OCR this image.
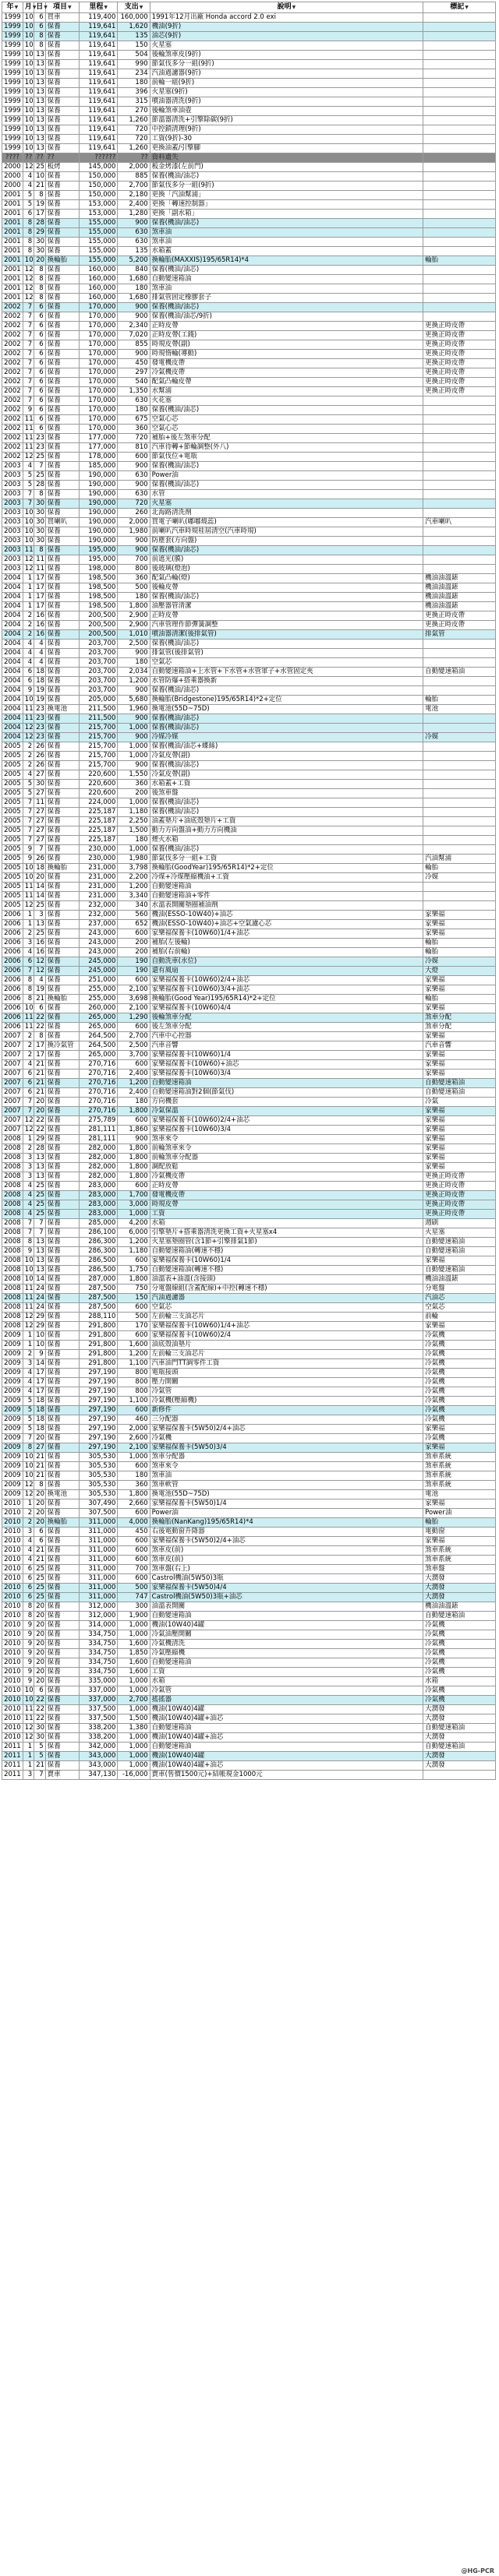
年▼	月▼	日▼	項目▼	里程▼	支出▼	說明▼	標記▼
1999	10	6	買車	119,400	160,000	1991年12月出廠 Honda accord 2.0 exi	
1999	10	6	保養	119,641	1,620	機油(9折)	
1999	10	8	保養	119,641	135	油芯(9折)	
1999	10	8	保養	119,641	150	火星塞	
1999	10	13	保養	119,641	504	後輪煞車皮(9折)	
1999	10	13	保養	119,641	990	節氣伐多分一組(9折)	
1999	10	13	保養	119,641	234	汽油過濾器(9折)	
1999	10	13	保養	119,641	180	前輪一組(9折)	
1999	10	13	保養	119,641	396	火星塞(9折)	
1999	10	13	保養	119,641	315	噴油器清洗(9折)	
1999	10	13	保養	119,641	270	後輪煞車油壺	
1999	10	13	保養	119,641	1,260	節溫器清洗+引擎除碳(9折)	
1999	10	13	保養	119,641	720	中控鎖清理(9折)	
1999	10	13	保養	119,641	720	工資(9折)-30	
1999	10	13	保養	119,641	1,260	更換油蓋/引擎腳	
????	??	??	??	??????	??	資料遺失	
2000	12	25	板烤	145,000	2,000	板金烤漆(左前門)	
2000	4	10	保養	150,000	885	保養(機油/油芯)	
2000	4	21	保養	150,000	2,700	節氣伐多分一組(9折)	
2001	5	8	保養	150,000	2,180	更換「汽油幫浦」	
2001	5	19	保養	153,000	2,400	更換「轉速控制器」	
2001	6	17	保養	153,000	1,280	更換「副水箱」	
2001	8	28	保養	155,000	900	保養(機油/油芯)	
2001	8	29	保養	155,000	630	煞車油	
2001	8	30	保養	155,000	630	煞車油	
2001	8	30	保養	155,000	135	水箱蓋	
2001	10	20	換輪胎	155,000	5,200	換輪胎(MAXXIS)195/65R14)*4	輪胎
2001	12	8	保養	160,000	840	保養(機油/油芯)	
2001	12	8	保養	160,000	1,680	自動變速箱油	
2001	12	8	保養	160,000	180	煞車油	
2001	12	8	保養	160,000	1,680	排氣管固定橡膠套子	
2002	7	6	保養	170,000	900	保養(機油/油芯)	
2002	7	6	保養	170,000	900	保養(機油/油芯/9折)	
2002	7	6	保養	170,000	2,340	正時皮帶	更換正時皮帶
2002	7	6	保養	170,000	7,020	正時皮帶(工錢)	更換正時皮帶
2002	7	6	保養	170,000	855	時規皮帶(副)	更換正時皮帶
2002	7	6	保養	170,000	900	時規惰輪(導動)	更換正時皮帶
2002	7	6	保養	170,000	450	發電機皮帶	更換正時皮帶
2002	7	6	保養	170,000	297	冷氣機皮帶	更換正時皮帶
2002	7	6	保養	170,000	540	配氣凸輪皮帶	更換正時皮帶
2002	7	6	保養	170,000	1,350	水幫浦	更換正時皮帶
2002	7	6	保養	170,000	630	火花塞	
2002	9	6	保養	170,000	180	保養(機油/油芯)	
2002	11	6	保養	170,000	675	空氣心芯	
2002	11	6	保養	170,000	360	空氣心芯	
2002	11	23	保養	177,000	720	補胎+後左煞車分配	
2002	11	23	保養	177,000	810	汽車待轉+節輪調整(外八)	
2002	12	25	保養	178,000	600	節氣伐位+電瓶	
2003	4	7	保養	185,000	900	保養(機油/油芯)	
2003	5	25	保養	190,000	630	Power油	
2003	5	28	保養	190,000	900	保養(機油/油芯)	
2003	7	8	保養	190,000	630	水管	
2003	7	30	保養	190,000	720	火星塞	
2003	10	30	保養	190,000	260	北海路清洗劑	
2003	10	30	買喇叭	190,000	2,000	買電子喇叭(嘟嘟燒蕊)	汽車喇叭
2003	10	30	保養	190,000	1,980	前喇叭汽車時規桂屆清空(汽車時規)	
2003	10	30	保養	190,000	900	防塵套(方向盤)	
2003	11	8	保養	195,000	900	保養(機油/油芯)	
2003	12	11	保養	195,000	700	前遮光(膜)	
2003	12	11	保養	198,000	800	後玻璃(燈泡)	
2004	1	17	保養	198,500	360	配氣凸輪(燈)	機油油溫錶
2004	1	17	保養	198,500	500	後輪皮帶	機油油溫錶
2004	1	17	保養	198,500	180	保養(機油/油芯)	機油油溫錶
2004	1	17	保養	198,500	1,800	油壓器管清潔	機油油溫錶
2004	2	16	保養	200,500	2,900	正時皮帶	更換正時皮帶
2004	2	16	保養	200,500	2,900	汽車管理作節彈簧調整	更換正時皮帶
2004	2	16	保養	200,500	1,010	噴油器清潔(後排氣管)	排氣管
2004	4	4	保養	203,700	2,500	保養(機油/油芯)	
2004	4	4	保養	203,700	900	排氣管(後排氣管)	
2004	4	4	保養	203,700	180	空氣芯	
2004	6	18	保養	203,700	2,034	自動變速箱油+上水管+下水管+水管軍子+水管固定夾	自動變速箱油
2004	6	18	保養	203,700	1,200	水管防爆+搭乘器換新	
2004	9	19	保養	203,700	900	保養(機油/油芯)	
2004	10	19	保養	205,000	5,680	換輪胎(Bridgestone)195/65R14)*2+定位	輪胎
2004	11	23	換電池	211,500	1,960	換電池(55D~75D)	電池
2004	11	23	保養	211,500	900	保養(機油/油芯)	
2004	12	23	保養	215,700	1,000	保養(機油/油芯)	
2004	12	23	保養	215,700	900	冷媒冷媒	冷媒
2005	2	26	保養	215,700	1,000	保養(機油/油芯+蝶絲)	
2005	2	26	保養	215,700	1,000	冷氣皮帶(副)	
2005	2	26	保養	215,700	900	保養(機油/油芯)	
2005	4	27	保養	220,600	1,550	冷氣皮帶(副)	
2005	5	30	保養	220,600	360	水箱蓋+工資	
2005	5	27	保養	220,600	200	後煞車盤	
2005	7	11	保養	224,000	1,000	保養(機油/油芯)	
2005	7	27	保養	225,187	1,180	保養(機油/油芯)	
2005	7	27	保養	225,187	2,250	油蓋墊片+油底殼墊片+工資	
2005	7	27	保養	225,187	1,500	動力方向盤油+動力方向機油	
2005	7	27	保養	225,187	180	煙火水箱	
2005	9	7	保養	230,000	1,000	保養(機油/油芯)	
2005	9	26	保養	230,000	1,980	節氣伐多分一組+工資	汽油幫浦
2005	10	18	換輪胎	231,000	3,798	換輪胎(GoodYear)195/65R14)*2+定位	輪胎
2005	10	20	保養	231,000	2,200	冷煤+冷煤壓縮機油+工資	冷媒
2005	11	14	保養	231,000	1,200	自動變速箱油	
2005	11	14	保養	231,000	3,340	自動變速箱油+零件	
2005	12	25	保養	232,000	340	水溫表開關墊圈補油劑	
2006	1	3	保養	232,000	560	機油(ESSO-10W40)+油芯	家樂福
2006	1	13	保養	237,000	652	機油(ESSO-10W40)+油芯+空氣濾心芯	家樂福
2006	2	25	保養	243,000	600	家樂福保養卡(10W60)1/4+油芯	家樂福
2006	3	16	保養	243,000	200	補胎(左後輪)	輪胎
2006	4	16	保養	243,000	200	補胎(右前輪)	輪胎
2006	6	12	保養	245,000	190	自動洗車(水位)	冷媒
2006	7	12	保養	245,000	190	還有風扇	大燈
2006	8	4	保養	251,000	600	家樂福保養卡(10W60)2/4+油芯	家樂福
2006	8	19	保養	255,000	2,100	家樂福保養卡(10W60)3/4+油芯	家樂福
2006	8	21	換輪胎	255,000	3,698	換輪胎(Good Year)195/65R14)*2+定位	輪胎
2006	10	6	保養	260,000	2,100	家樂福保養卡(10W60)4/4	家樂福
2006	11	22	保養	265,000	1,290	後輪煞車分配	煞車分配
2006	11	22	保養	265,000	600	後左煞車分配	煞車分配
2007	2	8	保養	264,500	2,700	汽車中心控器	家樂福
2007	2	17	換冷氣管	264,500	2,500	汽車音響	汽車音響
2007	2	17	保養	265,000	3,700	家樂福保養卡(10W60)1/4	家樂福
2007	4	21	保養	270,716	600	家樂福保養卡(10W60)+油芯	家樂福
2007	6	21	保養	270,716	2,400	家樂福保養卡(10W60)3/4	家樂福
2007	6	21	保養	270,716	1,200	自動變速箱油	自動變速箱油
2007	6	21	保養	270,716	2,400	自動變速箱油對2個(節氣伐)	自動變速箱油
2007	7	20	保養	270,716	180	方向機套	冷氣
2007	7	20	保養	270,716	1,800	冷氣保溫	家樂福
2007	12	22	保養	275,789	600	家樂福保養卡(10W60)2/4+油芯	家樂福
2007	12	22	保養	281,111	1,860	家樂福保養卡(10W60)3/4	家樂福
2008	1	29	保養	281,111	900	煞車來令	家樂福
2008	2	28	保養	282,000	1,800	前輪煞車來令	家樂福
2008	3	13	保養	282,000	1,800	前輪煞車分配器	家樂福
2008	3	13	保養	282,000	1,800	調配放鬆	家樂福
2008	3	13	保養	282,000	1,800	冷氣機皮帶	更換正時皮帶
2008	4	25	保養	283,000	600	正時皮帶	更換正時皮帶
2008	4	25	保養	283,000	1,700	發電機皮帶	更換正時皮帶
2008	4	25	保養	283,000	3,000	時規皮帶	更換正時皮帶
2008	4	25	保養	283,000	1,000	工資	更換正時皮帶
2008	7	7	保養	285,000	4,200	水箱	週刷
2008	7	7	保養	286,100	6,000	引擎墊片+搭乘器清洗更換工資+火星塞x4	火星塞
2008	8	13	保養	286,300	1,200	火星塞墊圈管(含1節+引擎排氣1節)	自動變速箱油
2008	9	13	保養	286,300	1,180	自動變速箱油(轉速不穩)	自動變速箱油
2008	10	13	保養	286,500	600	家樂福保養卡(10W60)1/4	家樂福
2008	10	13	保養	286,500	1,750	自動變速箱油(轉速不穩)	自動變速箱油
2008	10	14	保養	287,000	1,800	油溫表+油溫(含接頭)	機油油溫錶
2008	11	24	保養	287,500	750	分電盤線組(含蓋配線)+中控(轉速不穩)	分電盤
2008	11	24	保養	287,500	150	汽油過濾器	汽油芯
2008	11	24	保養	287,500	600	空氣芯	空氣芯
2008	12	29	保養	288,110	500	左前輪三支油芯片	前輪
2008	12	29	保養	291,800	170	家樂福保養卡(10W60)1/4+油芯	家樂福
2009	1	10	保養	291,800	600	家樂福保養卡(10W60)2/4	冷氣機
2009	1	10	保養	291,800	1,600	油底殼油墊片	冷氣機
2009	2	9	保養	291,800	1,200	左前輪三支油芯片	冷氣機
2009	3	14	保養	291,800	1,100	汽車油門TT調零件工資	冷氣機
2009	4	17	保養	297,190	800	電瓶接頭	冷氣機
2009	4	17	保養	297,190	800	壓力開關	冷氣機
2009	4	17	保養	297,190	800	冷氣管	冷氣機
2009	5	18	保養	297,190	1,100	冷氣機(壓縮機)	冷氣機
2009	5	18	保養	297,190	600	新修件	冷氣機
2009	5	18	保養	297,190	460	三分配器	冷氣機
2009	5	18	保養	297,190	2,000	家樂福保養卡(5W50)2/4+油芯	家樂福
2009	7	20	保養	297,190	2,600	冷氣機	冷氣機
2009	8	27	保養	297,190	2,100	家樂福保養卡(5W50)3/4	家樂福
2009	10	21	保養	305,530	1,000	煞車分配器	煞車系統
2009	10	21	保養	305,530	600	煞車來令	煞車系統
2009	10	21	保養	305,530	180	煞車油	煞車系統
2009	12	8	保養	305,530	360	煞車軟管	煞車系統
2009	12	20	換電池	305,530	1,800	換電池(55D~75D)	電池
2010	1	20	保養	307,490	2,660	家樂福保養卡(5W50)1/4	家樂福
2010	2	20	保養	307,500	600	Power油	Power油
2010	2	20	換輪胎	311,000	4,000	換輪胎(NanKang)195/65R14)*4	輪胎
2010	3	6	保養	311,000	450	右後電動窗升降器	電動窗
2010	4	6	保養	311,000	600	家樂福保養卡(5W50)2/4+油芯	家樂福
2010	4	21	保養	311,000	600	煞車皮(前)	煞車系統
2010	4	21	保養	311,000	600	煞車皮(前)	煞車系統
2010	6	25	保養	311,000	700	煞車盤(右上)	煞車盤
2010	6	25	保養	311,000	600	Castrol機油(5W50)3瓶	大潤發
2010	6	25	保養	311,000	500	家樂福保養卡(5W50)4/4	大潤發
2010	6	25	保養	311,000	747	Castrol機油(5W50)3瓶+油芯	大潤發
2010	8	20	保養	312,000	300	油溫表開關	機油油溫錶
2010	8	20	保養	312,000	1,900	自動變速箱油	自動變速箱油
2010	9	20	保養	314,000	1,000	機油(10W40)4罐	冷氣機
2010	9	20	保養	334,750	1,000	冷氣油壓開關	冷氣機
2010	9	20	保養	334,750	1,600	冷氣機清洗	冷氣機
2010	9	20	保養	334,750	1,850	冷氣壓縮機	冷氣機
2010	9	20	保養	334,750	1,600	自動變速箱油	冷氣機
2010	9	20	保養	334,750	1,600	工資	冷氣機
2010	9	20	保養	335,000	1,000	水箱	水箱
2010	10	6	保養	337,000	1,000	冷氣管	冷氣機
2010	10	22	保養	337,000	2,700	搖搖器	冷氣機
2010	11	22	保養	337,500	1,000	機油(10W40)4罐	大潤發
2010	11	22	保養	337,500	1,500	機油(10W40)4罐+油芯	大潤發
2010	12	30	保養	338,200	1,380	自動變速箱油	自動變速箱油
2010	12	30	保養	338,200	1,000	機油(10W40)4罐+油芯	大潤發
2011	1	5	保養	342,000	1,000	自動變速箱油	自動變速箱油
2011	1	5	保養	343,000	1,000	機油(10W40)4罐	大潤發
2011	1	21	保養	343,000	1,000	機油(10W40)4罐+油芯	大潤發
2011	3	7	賣車	347,130	-16,000	賣車(售價1500元)+結帳現金1000元	
@HG-PCR
